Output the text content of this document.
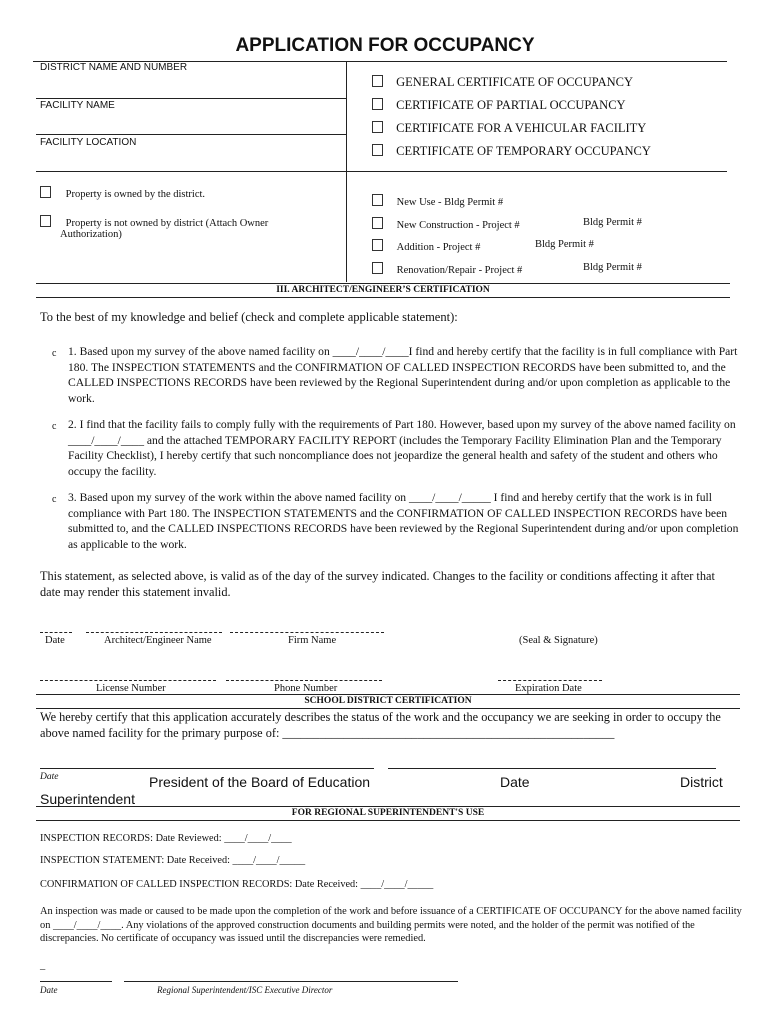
APPLICATION FOR OCCUPANCY
DISTRICT NAME AND NUMBER
FACILITY NAME
FACILITY LOCATION
GENERAL CERTIFICATE OF OCCUPANCY
CERTIFICATE OF PARTIAL OCCUPANCY
CERTIFICATE FOR A VEHICULAR FACILITY
CERTIFICATE OF TEMPORARY OCCUPANCY
Property is owned by the district.
Property is not owned by district (Attach Owner
Authorization)
New Use - Bldg Permit #
New Construction - Project #	Bldg Permit #
Addition - Project #	Bldg Permit #
Renovation/Repair - Project #	Bldg Permit #
III. ARCHITECT/ENGINEER’S CERTIFICATION
To the best of my knowledge and belief (check and complete applicable statement):
c 1. Based upon my survey of the above named facility on ____/____/____I find and hereby certify that the facility is in full compliance with Part 180. The INSPECTION STATEMENTS and the CONFIRMATION OF CALLED INSPECTION RECORDS have been submitted to, and the CALLED INSPECTIONS RECORDS have been reviewed by the Regional Superintendent during and/or upon completion as applicable to the work.
c 2. I find that the facility fails to comply fully with the requirements of Part 180. However, based upon my survey of the above named facility on ____/____/____ and the attached TEMPORARY FACILITY REPORT (includes the Temporary Facility Elimination Plan and the Temporary Facility Checklist), I hereby certify that such noncompliance does not jeopardize the general health and safety of the student and others who occupy the facility.
c 3. Based upon my survey of the work within the above named facility on ____/____/_____ I find and hereby certify that the work is in full compliance with Part 180. The INSPECTION STATEMENTS and the CONFIRMATION OF CALLED INSPECTION RECORDS have been submitted to, and the CALLED INSPECTIONS RECORDS have been reviewed by the Regional Superintendent during and/or upon completion as applicable to the work.
This statement, as selected above, is valid as of the day of the survey indicated. Changes to the facility or conditions affecting it after that date may render this statement invalid.
Date	Architect/Engineer Name	Firm Name	(Seal & Signature)
License Number	Phone Number	Expiration Date
SCHOOL DISTRICT CERTIFICATION
We hereby certify that this application accurately describes the status of the work and the occupancy we are seeking in order to occupy the above named facility for the primary purpose of: ______________________________________________________
Date	President of the Board of Education	Date	District
Superintendent
FOR REGIONAL SUPERINTENDENT'S USE
INSPECTION RECORDS: Date Reviewed: ____/____/____
INSPECTION STATEMENT: Date Received: ____/____/_____
CONFIRMATION OF CALLED INSPECTION RECORDS: Date Received: ____/____/_____
An inspection was made or caused to be made upon the completion of the work and before issuance of a CERTIFICATE OF OCCUPANCY for the above named facility on ____/____/____. Any violations of the approved construction documents and building permits were noted, and the holder of the permit was notified of the discrepancies. No certificate of occupancy was issued until the discrepancies were remedied.
_
Date	Regional Superintendent/ISC Executive Director
